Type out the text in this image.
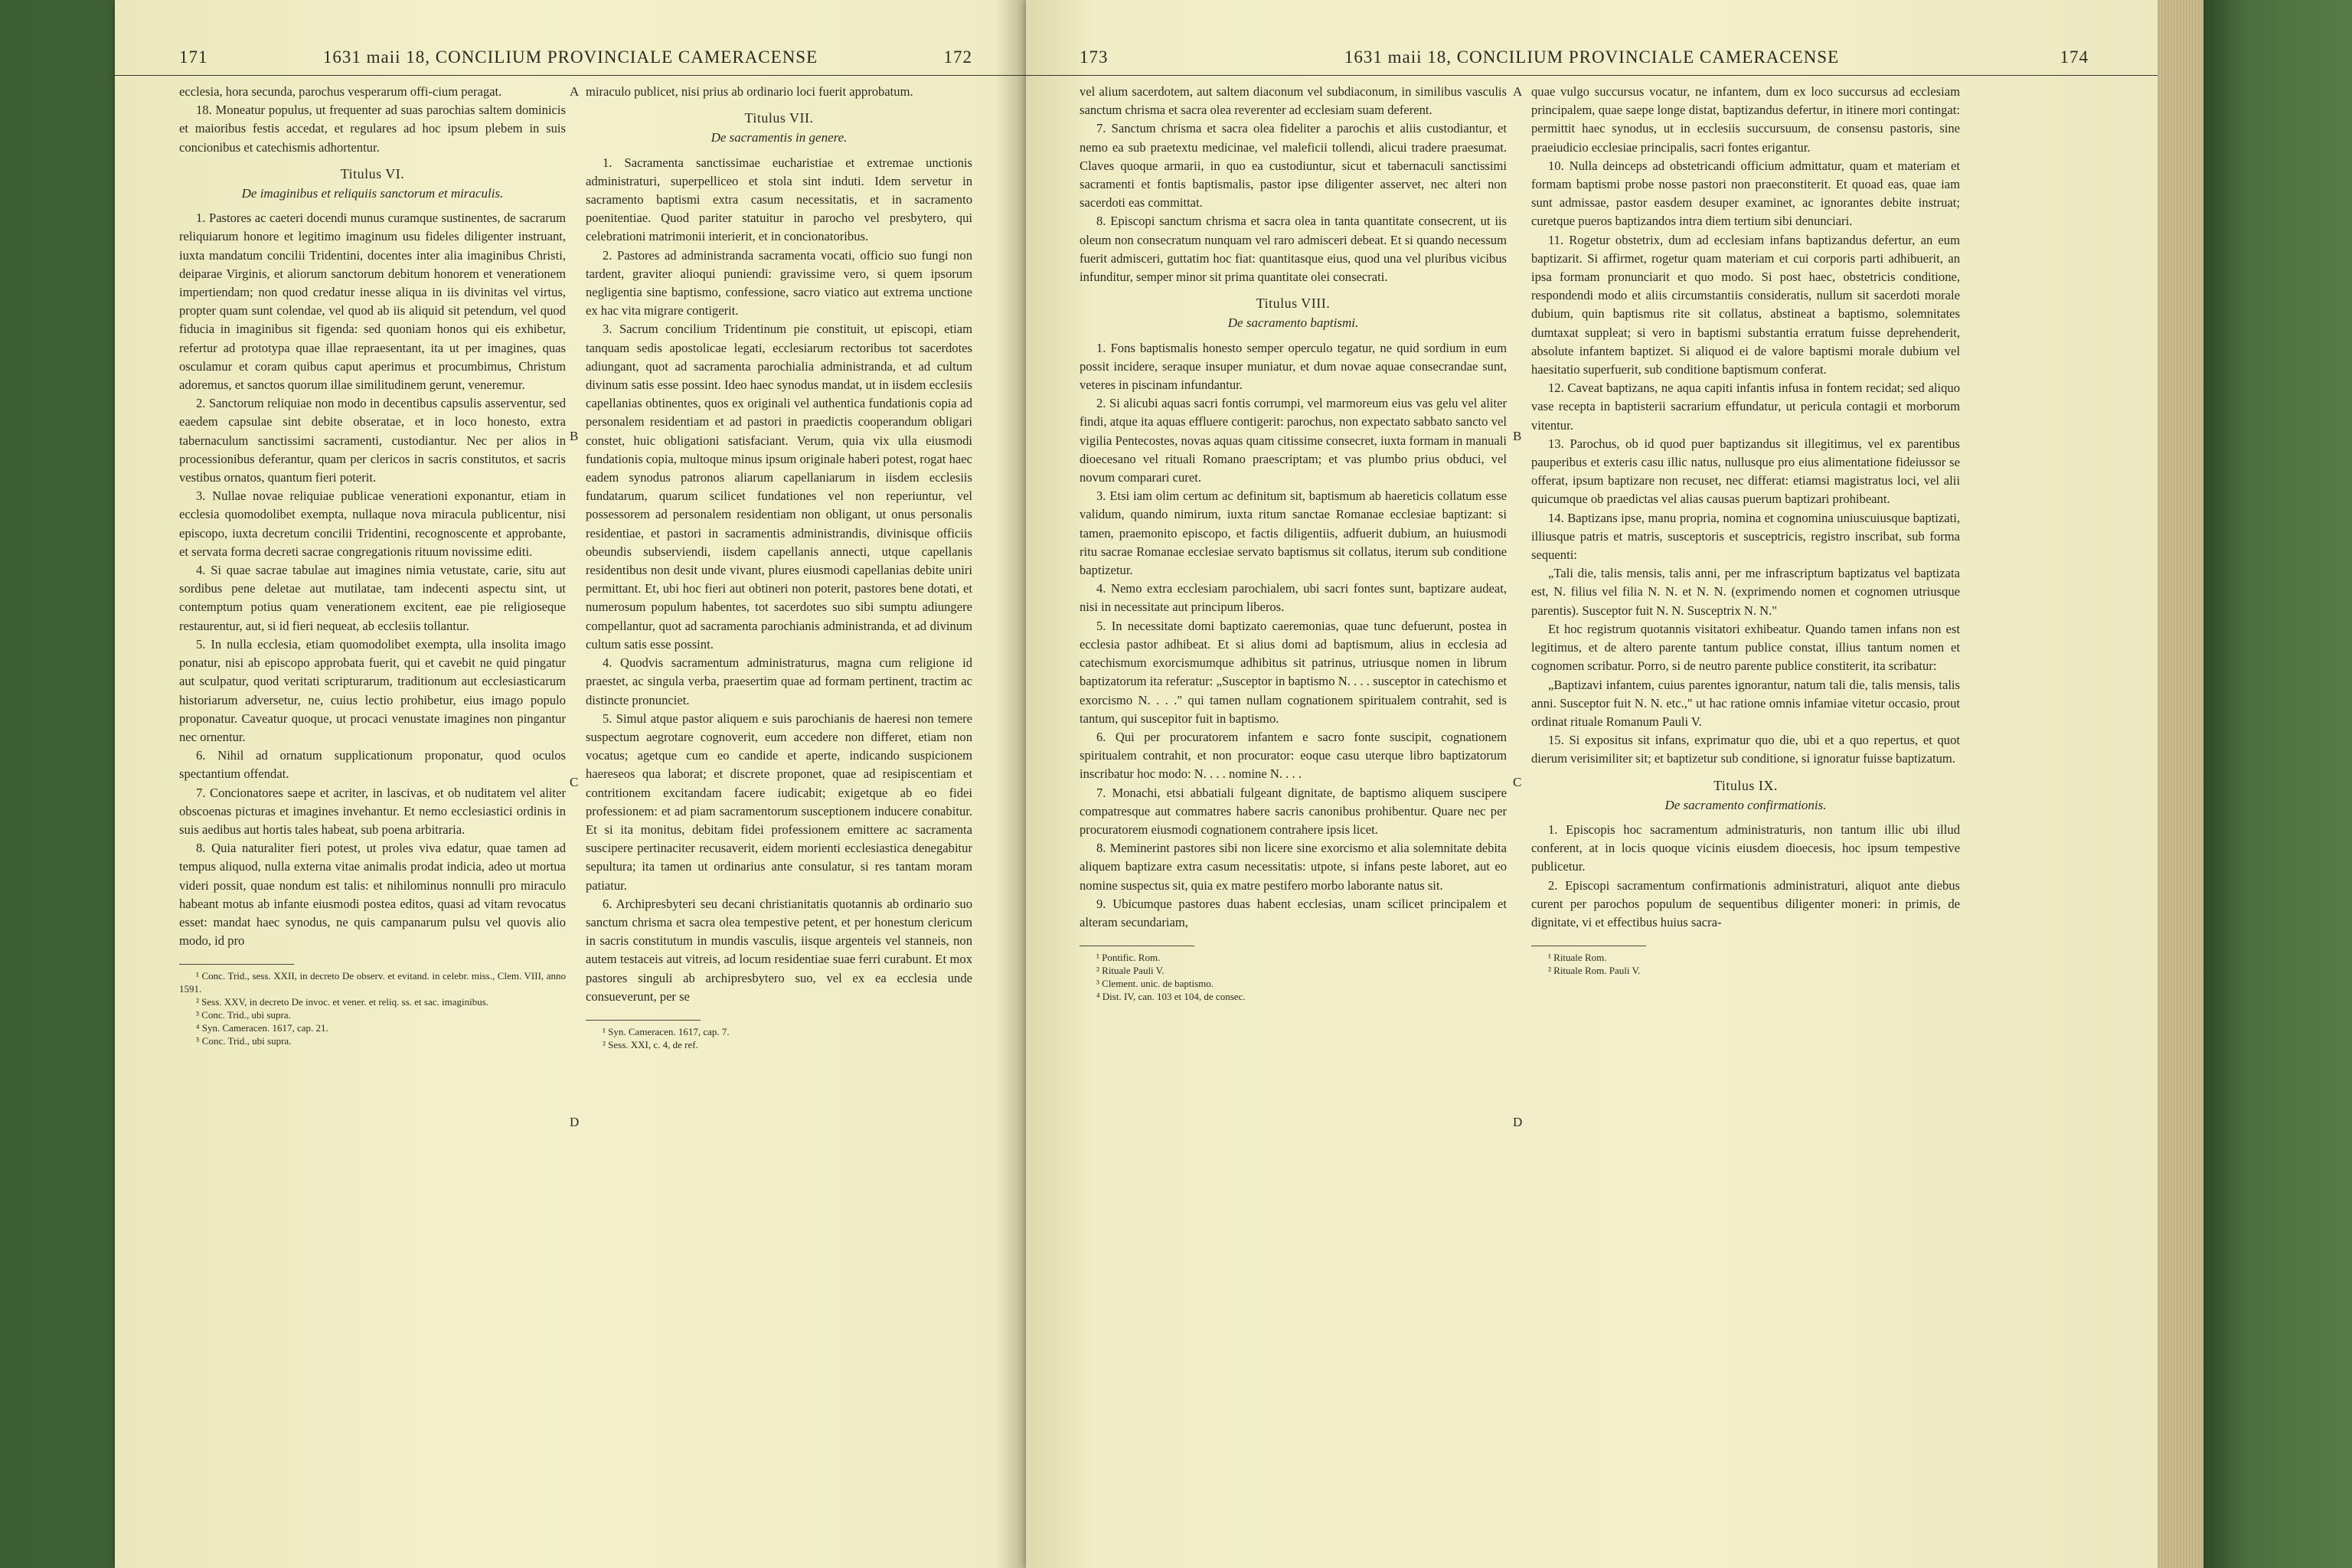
171	1631 maii 18, CONCILIUM PROVINCIALE CAMERACENSE	172

ecclesia, hora secunda, parochus vesperarum offi-cium peragat.

18. Moneatur populus, ut frequenter ad suas parochias saltem dominicis et maioribus festis accedat, et regulares ad hoc ipsum plebem in suis concionibus et catechismis adhortentur.

Titulus VI.
De imaginibus et reliquiis sanctorum et miraculis.

1. Pastores ac caeteri docendi munus curamque sustinentes, de sacrarum reliquiarum honore et legitimo imaginum usu fideles diligenter instruant, iuxta mandatum concilii Tridentini, docentes inter alia imaginibus Christi, deiparae Virginis, et aliorum sanctorum debitum honorem et venerationem impertiendam; non quod credatur inesse aliqua in iis divinitas vel virtus, propter quam sunt colendae, vel quod ab iis aliquid sit petendum, vel quod fiducia in imaginibus sit figenda: sed quoniam honos qui eis exhibetur, refertur ad prototypa quae illae repraesentant, ita ut per imagines, quas osculamur et coram quibus caput aperimus et procumbimus, Christum adoremus, et sanctos quorum illae similitudinem gerunt, veneremur.

2. Sanctorum reliquiae non modo in decentibus capsulis asserventur, sed eaedem capsulae sint debite obseratae, et in loco honesto, extra tabernaculum sanctissimi sacramenti, custodiantur. Nec per alios in processionibus deferantur, quam per clericos in sacris constitutos, et sacris vestibus ornatos, quantum fieri poterit.

3. Nullae novae reliquiae publicae venerationi exponantur, etiam in ecclesia quomodolibet exempta, nullaque nova miracula publicentur, nisi episcopo, iuxta decretum concilii Tridentini, recognoscente et approbante, et servata forma decreti sacrae congregationis rituum novissime editi.

4. Si quae sacrae tabulae aut imagines nimia vetustate, carie, situ aut sordibus pene deletae aut mutilatae, tam indecenti aspectu sint, ut contemptum potius quam venerationem excitent, eae pie religioseque restaurentur, aut, si id fieri nequeat, ab ecclesiis tollantur.

5. In nulla ecclesia, etiam quomodolibet exempta, ulla insolita imago ponatur, nisi ab episcopo approbata fuerit, qui et cavebit ne quid pingatur aut sculpatur, quod veritati scripturarum, traditionum aut ecclesiasticarum historiarum adversetur, ne, cuius lectio prohibetur, eius imago populo proponatur. Caveatur quoque, ut procaci venustate imagines non pingantur nec ornentur.

6. Nihil ad ornatum supplicationum proponatur, quod oculos spectantium offendat.

7. Concionatores saepe et acriter, in lascivas, et ob nuditatem vel aliter obscoenas picturas et imagines invehantur. Et nemo ecclesiastici ordinis in suis aedibus aut hortis tales habeat, sub poena arbitraria.

8. Quia naturaliter fieri potest, ut proles viva edatur, quae tamen ad tempus aliquod, nulla externa vitae animalis prodat indicia, adeo ut mortua videri possit, quae nondum est talis: et nihilominus nonnulli pro miraculo habeant motus ab infante eiusmodi postea editos, quasi ad vitam revocatus esset: mandat haec synodus, ne quis campanarum pulsu vel quovis alio modo, id pro

¹ Conc. Trid., sess. XXII, in decreto De observ. et evitand. in celebr. miss., Clem. VIII, anno 1591.

² Sess. XXV, in decreto De invoc. et vener. et reliq. ss. et sac. imaginibus.

³ Conc. Trid., ubi supra.

⁴ Syn. Cameracen. 1617, cap. 21.

⁵ Conc. Trid., ubi supra.

A
B
C
D

miraculo publicet, nisi prius ab ordinario loci fuerit approbatum.

Titulus VII.
De sacramentis in genere.

1. Sacramenta sanctissimae eucharistiae et extremae unctionis administraturi, superpelliceo et stola sint induti. Idem servetur in sacramento baptismi extra casum necessitatis, et in sacramento poenitentiae. Quod pariter statuitur in parocho vel presbytero, qui celebrationi matrimonii interierit, et in concionatoribus.

2. Pastores ad administranda sacramenta vocati, officio suo fungi non tardent, graviter alioqui puniendi: gravissime vero, si quem ipsorum negligentia sine baptismo, confessione, sacro viatico aut extrema unctione ex hac vita migrare contigerit.

3. Sacrum concilium Tridentinum pie constituit, ut episcopi, etiam tanquam sedis apostolicae legati, ecclesiarum rectoribus tot sacerdotes adiungant, quot ad sacramenta parochialia administranda, et ad cultum divinum satis esse possint. Ideo haec synodus mandat, ut in iisdem ecclesiis capellanias obtinentes, quos ex originali vel authentica fundationis copia ad personalem residentiam et ad pastori in praedictis cooperandum obligari constet, huic obligationi satisfaciant. Verum, quia vix ulla eiusmodi fundationis copia, multoque minus ipsum originale haberi potest, rogat haec eadem synodus patronos aliarum capellaniarum in iisdem ecclesiis fundatarum, quarum scilicet fundationes vel non reperiuntur, vel possessorem ad personalem residentiam non obligant, ut onus personalis residentiae, et pastori in sacramentis administrandis, divinisque officiis obeundis subserviendi, iisdem capellanis annecti, utque capellanis residentibus non desit unde vivant, plures eiusmodi capellanias debite uniri permittant. Et, ubi hoc fieri aut obtineri non poterit, pastores bene dotati, et numerosum populum habentes, tot sacerdotes suo sibi sumptu adiungere compellantur, quot ad sacramenta parochianis administranda, et ad divinum cultum satis esse possint.

4. Quodvis sacramentum administraturus, magna cum religione id praestet, ac singula verba, praesertim quae ad formam pertinent, tractim ac distincte pronunciet.

5. Simul atque pastor aliquem e suis parochianis de haeresi non temere suspectum aegrotare cognoverit, eum accedere non differet, etiam non vocatus; agetque cum eo candide et aperte, indicando suspicionem haereseos qua laborat; et discrete proponet, quae ad resipiscentiam et contritionem excitandam facere iudicabit; exigetque ab eo fidei professionem: et ad piam sacramentorum susceptionem inducere conabitur. Et si ita monitus, debitam fidei professionem emittere ac sacramenta suscipere pertinaciter recusaverit, eidem morienti ecclesiastica denegabitur sepultura; ita tamen ut ordinarius ante consulatur, si res tantam moram patiatur.

6. Archipresbyteri seu decani christianitatis quotannis ab ordinario suo sanctum chrisma et sacra olea tempestive petent, et per honestum clericum in sacris constitutum in mundis vasculis, iisque argenteis vel stanneis, non autem testaceis aut vitreis, ad locum residentiae suae ferri curabunt. Et mox pastores singuli ab archipresbytero suo, vel ex ea ecclesia unde consueverunt, per se

¹ Syn. Cameracen. 1617, cap. 7.

² Sess. XXI, c. 4, de ref.

173	1631 maii 18, CONCILIUM PROVINCIALE CAMERACENSE	174

vel alium sacerdotem, aut saltem diaconum vel subdiaconum, in similibus vasculis sanctum chrisma et sacra olea reverenter ad ecclesiam suam deferent.

7. Sanctum chrisma et sacra olea fideliter a parochis et aliis custodiantur, et nemo ea sub praetextu medicinae, vel maleficii tollendi, alicui tradere praesumat. Claves quoque armarii, in quo ea custodiuntur, sicut et tabernaculi sanctissimi sacramenti et fontis baptismalis, pastor ipse diligenter asservet, nec alteri non sacerdoti eas committat.

8. Episcopi sanctum chrisma et sacra olea in tanta quantitate consecrent, ut iis oleum non consecratum nunquam vel raro admisceri debeat. Et si quando necessum fuerit admisceri, guttatim hoc fiat: quantitasque eius, quod una vel pluribus vicibus infunditur, semper minor sit prima quantitate olei consecrati.

Titulus VIII.
De sacramento baptismi.

1. Fons baptismalis honesto semper operculo tegatur, ne quid sordium in eum possit incidere, seraque insuper muniatur, et dum novae aquae consecrandae sunt, veteres in piscinam infundantur.

2. Si alicubi aquas sacri fontis corrumpi, vel marmoreum eius vas gelu vel aliter findi, atque ita aquas effluere contigerit: parochus, non expectato sabbato sancto vel vigilia Pentecostes, novas aquas quam citissime consecret, iuxta formam in manuali dioecesano vel rituali Romano praescriptam; et vas plumbo prius obduci, vel novum comparari curet.

3. Etsi iam olim certum ac definitum sit, baptismum ab haereticis collatum esse validum, quando nimirum, iuxta ritum sanctae Romanae ecclesiae baptizant: si tamen, praemonito episcopo, et factis diligentiis, adfuerit dubium, an huiusmodi ritu sacrae Romanae ecclesiae servato baptismus sit collatus, iterum sub conditione baptizetur.

4. Nemo extra ecclesiam parochialem, ubi sacri fontes sunt, baptizare audeat, nisi in necessitate aut principum liberos.

5. In necessitate domi baptizato caeremonias, quae tunc defuerunt, postea in ecclesia pastor adhibeat. Et si alius domi ad baptismum, alius in ecclesia ad catechismum exorcismumque adhibitus sit patrinus, utriusque nomen in librum baptizatorum ita referatur: „Susceptor in baptismo N. . . . susceptor in catechismo et exorcismo N. . . ." qui tamen nullam cognationem spiritualem contrahit, sed is tantum, qui suscepitor fuit in baptismo.

6. Qui per procuratorem infantem e sacro fonte suscipit, cognationem spiritualem contrahit, et non procurator: eoque casu uterque libro baptizatorum inscribatur hoc modo: N. . . . nomine N. . . .

7. Monachi, etsi abbatiali fulgeant dignitate, de baptismo aliquem suscipere compatresque aut commatres habere sacris canonibus prohibentur. Quare nec per procuratorem eiusmodi cognationem contrahere ipsis licet.

8. Meminerint pastores sibi non licere sine exorcismo et alia solemnitate debita aliquem baptizare extra casum necessitatis: utpote, si infans peste laboret, aut eo nomine suspectus sit, quia ex matre pestifero morbo laborante natus sit.

9. Ubicumque pastores duas habent ecclesias, unam scilicet principalem et alteram secundariam,

¹ Pontific. Rom.

² Rituale Pauli V.

³ Clement. unic. de baptismo.

⁴ Dist. IV, can. 103 et 104, de consec.

A
B
C
D

quae vulgo succursus vocatur, ne infantem, dum ex loco succursus ad ecclesiam principalem, quae saepe longe distat, baptizandus defertur, in itinere mori contingat: permittit haec synodus, ut in ecclesiis succursuum, de consensu pastoris, sine praeiudicio ecclesiae principalis, sacri fontes erigantur.

10. Nulla deinceps ad obstetricandi officium admittatur, quam et materiam et formam baptismi probe nosse pastori non praeconstiterit. Et quoad eas, quae iam sunt admissae, pastor easdem desuper examinet, ac ignorantes debite instruat; curetque pueros baptizandos intra diem tertium sibi denunciari.

11. Rogetur obstetrix, dum ad ecclesiam infans baptizandus defertur, an eum baptizarit. Si affirmet, rogetur quam materiam et cui corporis parti adhibuerit, an ipsa formam pronunciarit et quo modo. Si post haec, obstetricis conditione, respondendi modo et aliis circumstantiis consideratis, nullum sit sacerdoti morale dubium, quin baptismus rite sit collatus, abstineat a baptismo, solemnitates dumtaxat suppleat; si vero in baptismi substantia erratum fuisse deprehenderit, absolute infantem baptizet. Si aliquod ei de valore baptismi morale dubium vel haesitatio superfuerit, sub conditione baptismum conferat.

12. Caveat baptizans, ne aqua capiti infantis infusa in fontem recidat; sed aliquo vase recepta in baptisterii sacrarium effundatur, ut pericula contagii et morborum vitentur.

13. Parochus, ob id quod puer baptizandus sit illegitimus, vel ex parentibus pauperibus et exteris casu illic natus, nullusque pro eius alimentatione fideiussor se offerat, ipsum baptizare non recuset, nec differat: etiamsi magistratus loci, vel alii quicumque ob praedictas vel alias causas puerum baptizari prohibeant.

14. Baptizans ipse, manu propria, nomina et cognomina uniuscuiusque baptizati, illiusque patris et matris, susceptoris et susceptricis, registro inscribat, sub forma sequenti:

„Tali die, talis mensis, talis anni, per me infrascriptum baptizatus vel baptizata est, N. filius vel filia N. N. et N. N. (exprimendo nomen et cognomen utriusque parentis). Susceptor fuit N. N. Susceptrix N. N."

Et hoc registrum quotannis visitatori exhibeatur. Quando tamen infans non est legitimus, et de altero parente tantum publice constat, illius tantum nomen et cognomen scribatur. Porro, si de neutro parente publice constiterit, ita scribatur:

„Baptizavi infantem, cuius parentes ignorantur, natum tali die, talis mensis, talis anni. Susceptor fuit N. N. etc.," ut hac ratione omnis infamiae vitetur occasio, prout ordinat rituale Romanum Pauli V.

15. Si expositus sit infans, exprimatur quo die, ubi et a quo repertus, et quot dierum verisimiliter sit; et baptizetur sub conditione, si ignoratur fuisse baptizatum.

Titulus IX.
De sacramento confirmationis.

1. Episcopis hoc sacramentum administraturis, non tantum illic ubi illud conferent, at in locis quoque vicinis eiusdem dioecesis, hoc ipsum tempestive publicetur.

2. Episcopi sacramentum confirmationis administraturi, aliquot ante diebus curent per parochos populum de sequentibus diligenter moneri: in primis, de dignitate, vi et effectibus huius sacra-

¹ Rituale Rom.

² Rituale Rom. Pauli V.
